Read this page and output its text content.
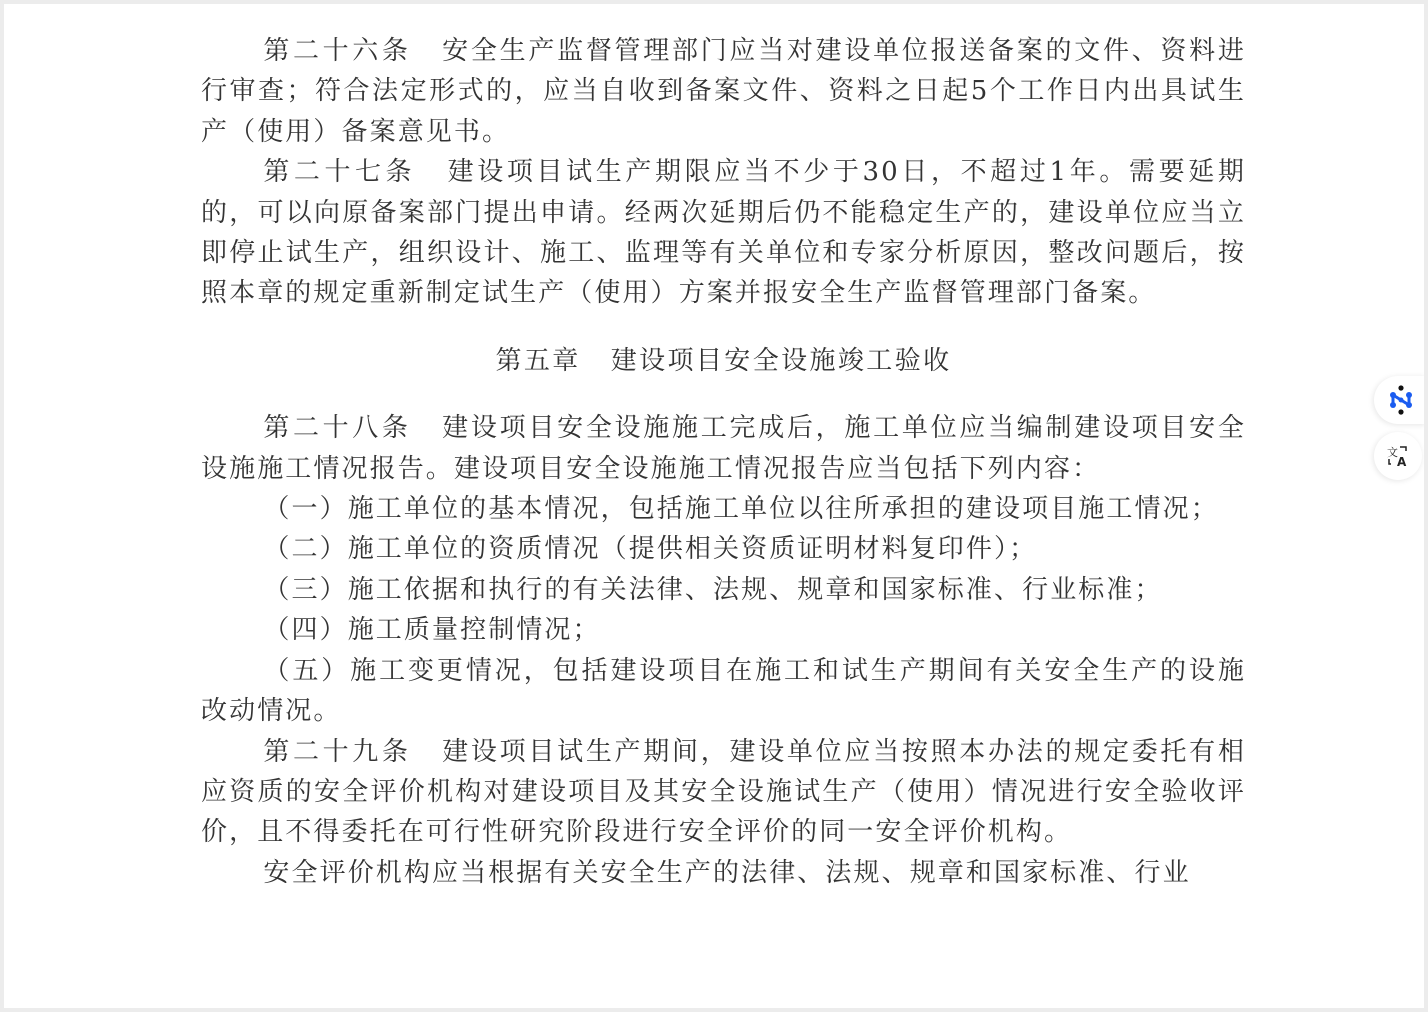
第二十六条 安全生产监督管理部门应当对建设单位报送备案的文件、资料进行审查；符合法定形式的，应当自收到备案文件、资料之日起5个工作日内出具试生产（使用）备案意见书。

第二十七条 建设项目试生产期限应当不少于30日，不超过1年。需要延期的，可以向原备案部门提出申请。经两次延期后仍不能稳定生产的，建设单位应当立即停止试生产，组织设计、施工、监理等有关单位和专家分析原因，整改问题后，按照本章的规定重新制定试生产（使用）方案并报安全生产监督管理部门备案。

第五章 建设项目安全设施竣工验收

第二十八条 建设项目安全设施施工完成后，施工单位应当编制建设项目安全设施施工情况报告。建设项目安全设施施工情况报告应当包括下列内容：

（一）施工单位的基本情况，包括施工单位以往所承担的建设项目施工情况；

（二）施工单位的资质情况（提供相关资质证明材料复印件）；

（三）施工依据和执行的有关法律、法规、规章和国家标准、行业标准；

（四）施工质量控制情况；

（五）施工变更情况，包括建设项目在施工和试生产期间有关安全生产的设施改动情况。

第二十九条 建设项目试生产期间，建设单位应当按照本办法的规定委托有相应资质的安全评价机构对建设项目及其安全设施试生产（使用）情况进行安全验收评价，且不得委托在可行性研究阶段进行安全评价的同一安全评价机构。

安全评价机构应当根据有关安全生产的法律、法规、规章和国家标准、行业

文
A
